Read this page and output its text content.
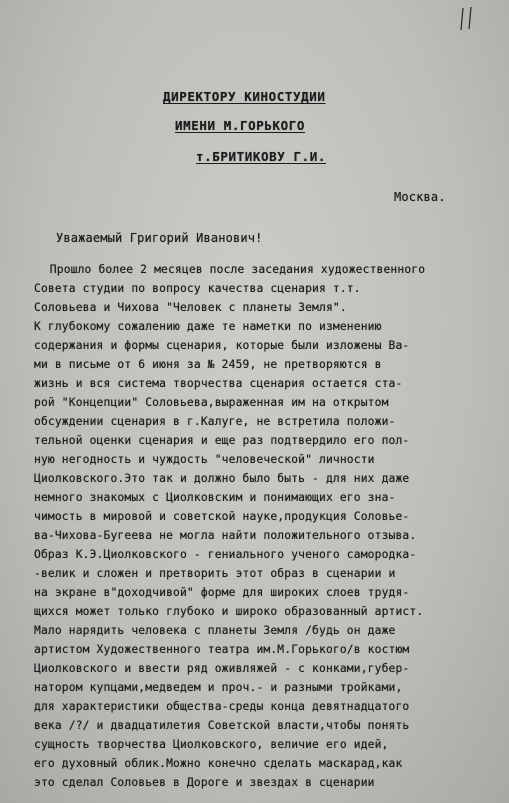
ДИРЕКТОРУ КИНОСТУДИИ
ИМЕНИ М.ГОРЬКОГО
т.БРИТИКОВУ Г.И.
Москва.
Уважаемый Григорий Иванович!
Прошло более 2 месяцев после заседания художественного
Совета студии по вопросу качества сценария т.т.
Соловьева и Чихова "Человек с планеты Земля".
К глубокому сожалению даже те наметки по изменению
содержания и формы сценария, которые были изложены Ва-
ми в письме от 6 июня за № 2459, не претворяются в
жизнь и вся система творчества сценария остается ста-
рой "Концепции" Соловьева,выраженная им на открытом
обсуждении сценария в г.Калуге, не встретила положи-
тельной оценки сценария и еще раз подтвердило его пол-
ную негодность и чуждость "человеческой" личности
Циолковского.Это так и должно было быть - для них даже
немного знакомых с Циолковским и понимающих его зна-
чимость в мировой и советской науке,продукция Соловье-
ва-Чихова-Бугеева не могла найти положительного отзыва.
Образ К.Э.Циолковского - гениального ученого самородка-
-велик и сложен и претворить этот образ в сценарии и
на экране в"доходчивой" форме для широких слоев трудя-
щихся может только глубоко и широко образованный артист.
Мало нарядить человека с планеты Земля /будь он даже
артистом Художественного театра им.М.Горького/в костюм
Циолковского и ввести ряд оживляжей - с конками,губер-
натором купцами,медведем и проч.- и разными тройками,
для характеристики общества-среды конца девятнадцатого
века /?/ и двадцатилетия Советской власти,чтобы понять
сущность творчества Циолковского, величие его идей,
его духовный облик.Можно конечно сделать маскарад,как
это сделал Соловьев в Дороге и звездах в сценарии
